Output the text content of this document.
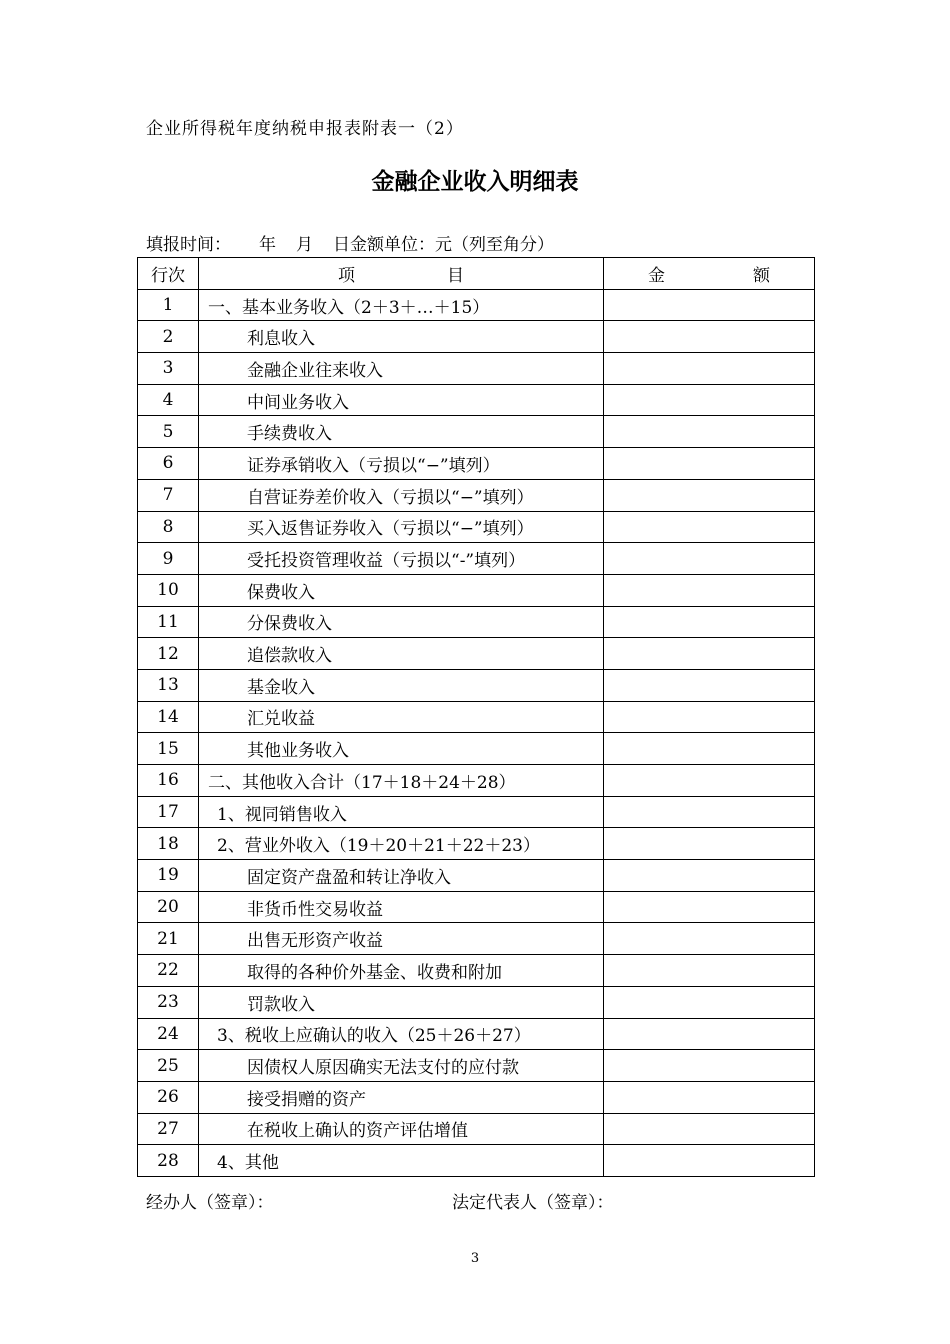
企业所得税年度纳税申报表附表一（2）
金融企业收入明细表
填报时间： 年 月 日金额单位：元（列至角分）
行次	项 目	金 额
1	一、基本业务收入（2＋3＋…＋15）	
2	利息收入	
3	金融企业往来收入	
4	中间业务收入	
5	手续费收入	
6	证券承销收入（亏损以“−”填列）	
7	自营证券差价收入（亏损以“−”填列）	
8	买入返售证券收入（亏损以“−”填列）	
9	受托投资管理收益（亏损以“-”填列）	
10	保费收入	
11	分保费收入	
12	追偿款收入	
13	基金收入	
14	汇兑收益	
15	其他业务收入	
16	二、其他收入合计（17＋18＋24＋28）	
17	1、视同销售收入	
18	2、营业外收入（19＋20＋21＋22＋23）	
19	固定资产盘盈和转让净收入	
20	非货币性交易收益	
21	出售无形资产收益	
22	取得的各种价外基金、收费和附加	
23	罚款收入	
24	3、税收上应确认的收入（25＋26＋27）	
25	因债权人原因确实无法支付的应付款	
26	接受捐赠的资产	
27	在税收上确认的资产评估增值	
28	4、其他	
经办人（签章）：	法定代表人（签章）：
3
